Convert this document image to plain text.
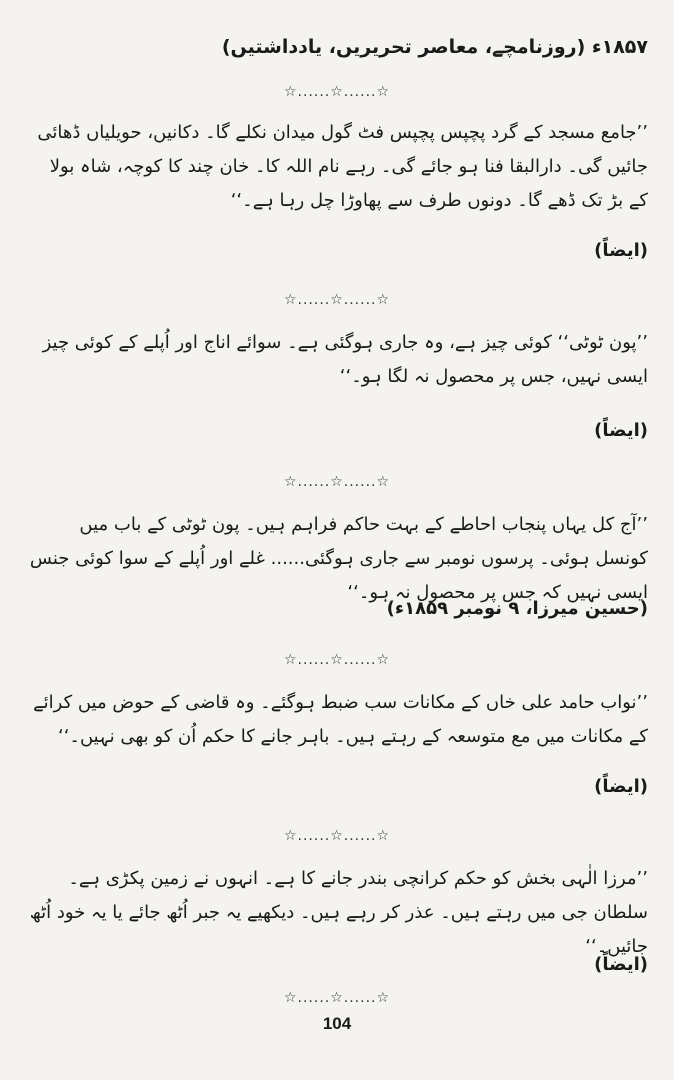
۱۸۵۷ء (روزنامچے، معاصر تحریریں، یادداشتیں)
☆......☆......☆
’’جامع مسجد کے گرد پچپس پچپس فٹ گول میدان نکلے گا۔ دکانیں، حویلیاں ڈھائی جائیں گی۔ دارالبقا فنا ہو جائے گی۔ رہے نام اللہ کا۔ خان چند کا کوچہ، شاہ بولا کے بڑ تک ڈھے گا۔ دونوں طرف سے پھاوڑا چل رہا ہے۔‘‘
(ایضاً)
☆......☆......☆
’’پون ٹوٹی‘‘ کوئی چیز ہے، وہ جاری ہوگئی ہے۔ سوائے اناج اور اُپلے کے کوئی چیز ایسی نہیں، جس پر محصول نہ لگا ہو۔‘‘
(ایضاً)
☆......☆......☆
’’آج کل یہاں پنجاب احاطے کے بہت حاکم فراہم ہیں۔ پون ٹوٹی کے باب میں کونسل ہوئی۔ پرسوں نومبر سے جاری ہوگئی...... غلے اور اُپلے کے سوا کوئی جنس ایسی نہیں کہ جس پر محصول نہ ہو۔‘‘
(حسین میرزا، ۹ نومبر ۱۸۵۹ء)
☆......☆......☆
’’نواب حامد علی خاں کے مکانات سب ضبط ہوگئے۔ وہ قاضی کے حوض میں کرائے کے مکانات میں مع متوسعہ کے رہتے ہیں۔ باہر جانے کا حکم اُن کو بھی نہیں۔‘‘
(ایضاً)
☆......☆......☆
’’مرزا الٰہی بخش کو حکم کرانچی بندر جانے کا ہے۔ انہوں نے زمین پکڑی ہے۔ سلطان جی میں رہتے ہیں۔ عذر کر رہے ہیں۔ دیکھیے یہ جبر اُٹھ جائے یا یہ خود اُٹھ جائیں۔‘‘
(ایضاً)
☆......☆......☆
104
